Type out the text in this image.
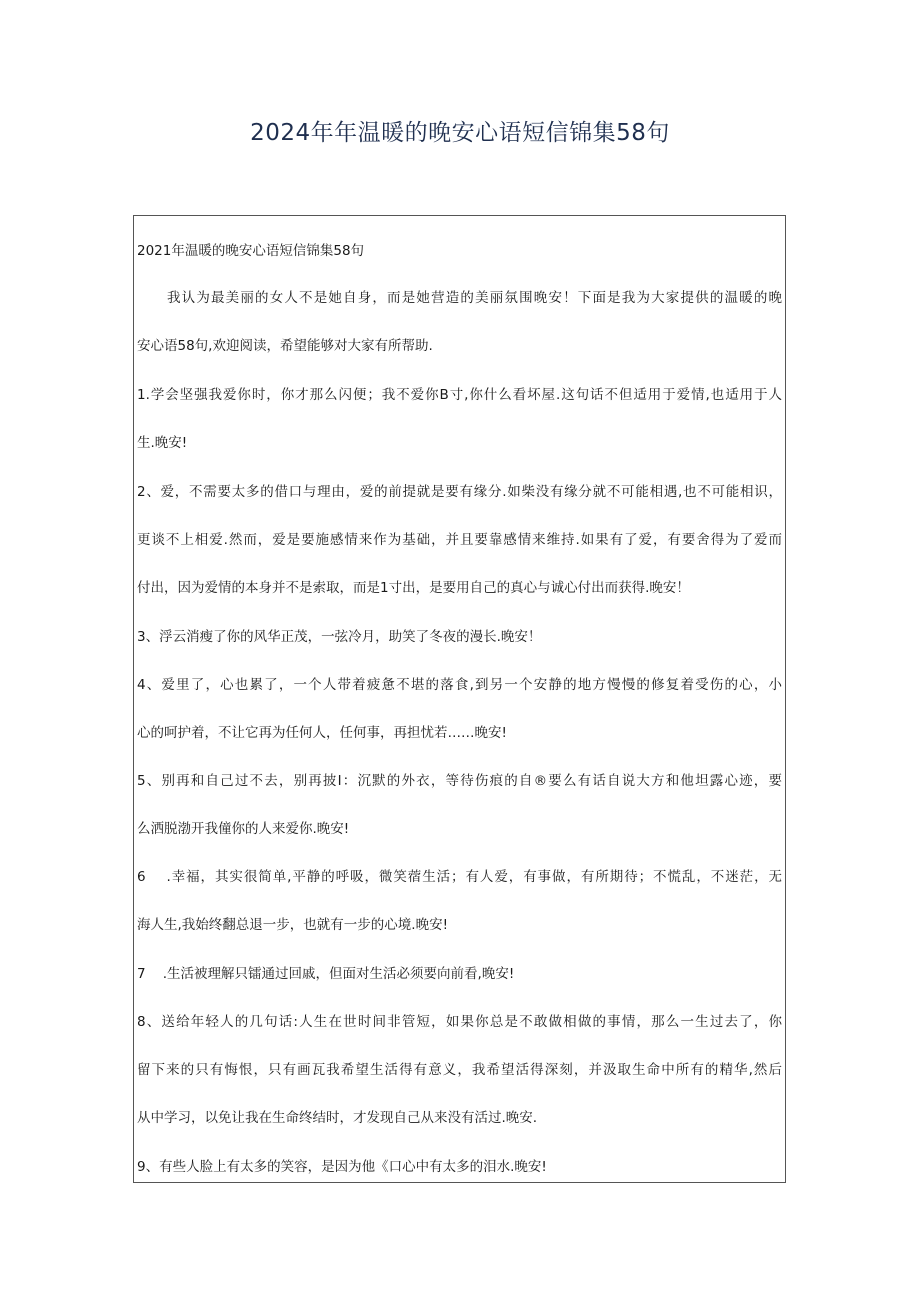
2024年年温暖的晚安心语短信锦集58句
2021年温暖的晚安心语短信锦集58句
我认为最美丽的女人不是她自身，而是她营造的美丽氛围晚安！下面是我为大家提供的温暖的晚
安心语58句,欢迎阅读，希望能够对大家有所帮助.
1.学会坚强我爱你时，你才那么闪便；我不爱你B寸,你什么看坏屋.这句话不但适用于爱情,也适用于人
生.晚安!
2、爱，不需要太多的借口与理由，爱的前提就是要有缘分.如柴没有缘分就不可能相遇,也不可能相识，
更谈不上相爱.然而，爱是要施感情来作为基础，并且要靠感情来维持.如果有了爱，有要舍得为了爱而
付出，因为爱情的本身并不是索取，而是1寸出，是要用自己的真心与诚心付出而获得.晚安！
3、浮云消瘦了你的风华正茂，一弦冷月，助笑了冬夜的漫长.晚安！
4、爱里了，心也累了，一个人带着疲惫不堪的落食,到另一个安静的地方慢慢的修复着受伤的心，小
心的呵护着，不让它再为任何人，任何事，再担忧若……晚安!
5、别再和自己过不去，别再披I：沉默的外衣，等待伤痕的自®要么有话自说大方和他坦露心迹，要
么洒脱渤开我僮你的人来爱你.晚安!
6    .幸福，其实很简单,平静的呼吸，微笑蓿生活；有人爱，有事做，有所期待；不慌乱，不迷茫，无
海人生,我始终翻总退一步，也就有一步的心境.晚安!
7    .生活被理解只镭通过回戚，但面对生活必须要向前看,晚安!
8、送给年轻人的几句话:人生在世时间非管短，如果你总是不敢做相做的事情，那么一生过去了，你
留下来的只有悔恨，只有画瓦我希望生活得有意义，我希望活得深刻，并汲取生命中所有的精华,然后
从中学习，以免让我在生命终结时，才发现自己从来没有活过.晚安.
9、有些人脸上有太多的笑容，是因为他《口心中有太多的泪水.晚安!
